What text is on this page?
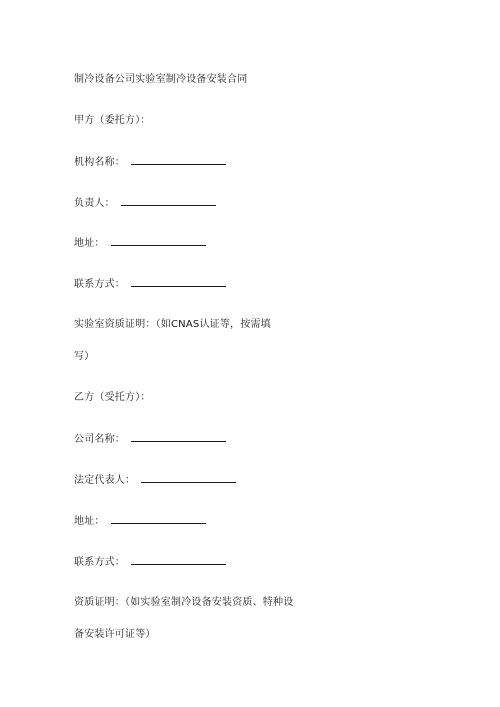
制冷设备公司实验室制冷设备安装合同
甲方（委托方）：
机构名称：
负责人：
地址：
联系方式：
实验室资质证明：（如CNAS认证等，按需填
写）
乙方（受托方）：
公司名称：
法定代表人：
地址：
联系方式：
资质证明：（如实验室制冷设备安装资质、特种设
备安装许可证等）
